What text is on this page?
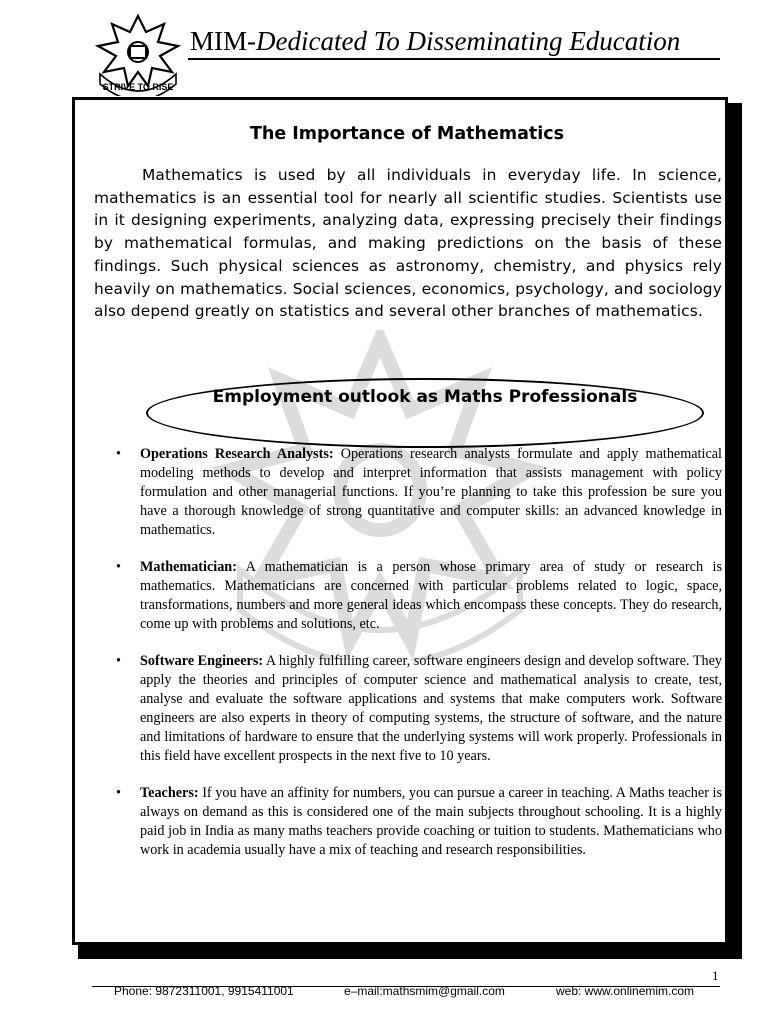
STRIVE TO RISE
MIM-Dedicated To Disseminating Education
The Importance of Mathematics
Mathematics is used by all individuals in everyday life. In science, mathematics is an essential tool for nearly all scientific studies. Scientists use in it designing experiments, analyzing data, expressing precisely their findings by mathematical formulas, and making predictions on the basis of these findings. Such physical sciences as astronomy, chemistry, and physics rely heavily on mathematics. Social sciences, economics, psychology, and sociology also depend greatly on statistics and several other branches of mathematics.
Employment outlook as Maths Professionals
• Operations Research Analysts: Operations research analysts formulate and apply mathematical modeling methods to develop and interpret information that assists management with policy formulation and other managerial functions. If you’re planning to take this profession be sure you have a thorough knowledge of strong quantitative and computer skills: an advanced knowledge in mathematics.
• Mathematician: A mathematician is a person whose primary area of study or research is mathematics. Mathematicians are concerned with particular problems related to logic, space, transformations, numbers and more general ideas which encompass these concepts. They do research, come up with problems and solutions, etc.
• Software Engineers: A highly fulfilling career, software engineers design and develop software. They apply the theories and principles of computer science and mathematical analysis to create, test, analyse and evaluate the software applications and systems that make computers work. Software engineers are also experts in theory of computing systems, the structure of software, and the nature and limitations of hardware to ensure that the underlying systems will work properly. Professionals in this field have excellent prospects in the next five to 10 years.
• Teachers: If you have an affinity for numbers, you can pursue a career in teaching. A Maths teacher is always on demand as this is considered one of the main subjects throughout schooling. It is a highly paid job in India as many maths teachers provide coaching or tuition to students. Mathematicians who work in academia usually have a mix of teaching and research responsibilities.
1
Phone: 9872311001, 9915411001	e–mail:mathsmim@gmail.com	web: www.onlinemim.com
